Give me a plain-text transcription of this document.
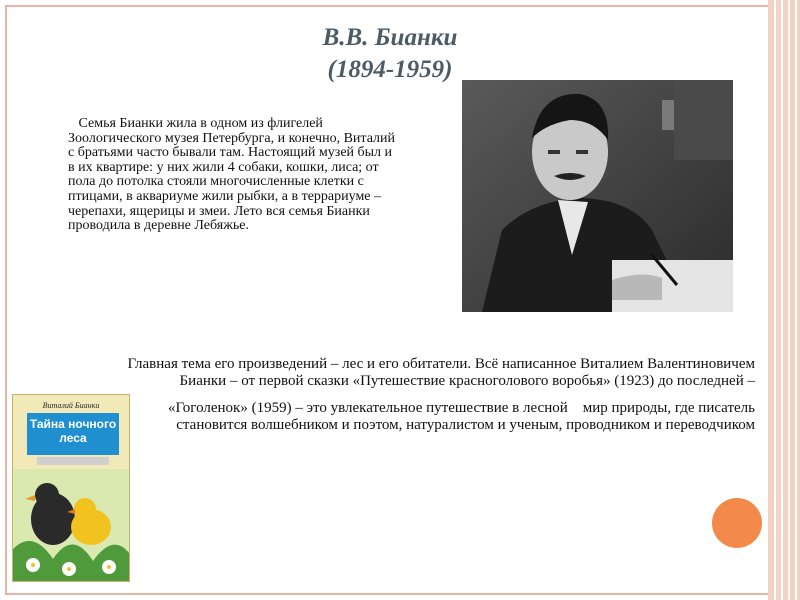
В.В. Бианки
(1894-1959)
Семья Бианки жила в одном из флигелей Зоологического музея Петербурга, и конечно, Виталий с братьями часто бывали там. Настоящий музей был и в их квартире: у них жили 4 собаки, кошки, лиса; от пола до потолка стояли многочисленные клетки с птицами, в аквариуме жили рыбки, а в террариуме – черепахи, ящерицы и змеи. Лето вся семья Бианки проводила в деревне Лебяжье.

Главная тема его произведений – лес и его обитатели. Всё написанное Виталием Валентиновичем Бианки – от первой сказки «Путешествие красноголового воробья» (1923) до последней –

«Гоголенок» (1959) – это увлекательное путешествие в лесной    мир природы, где писатель становится волшебником и поэтом, натуралистом и ученым, проводником и переводчиком

Виталий Бианки
Тайна ночного леса
